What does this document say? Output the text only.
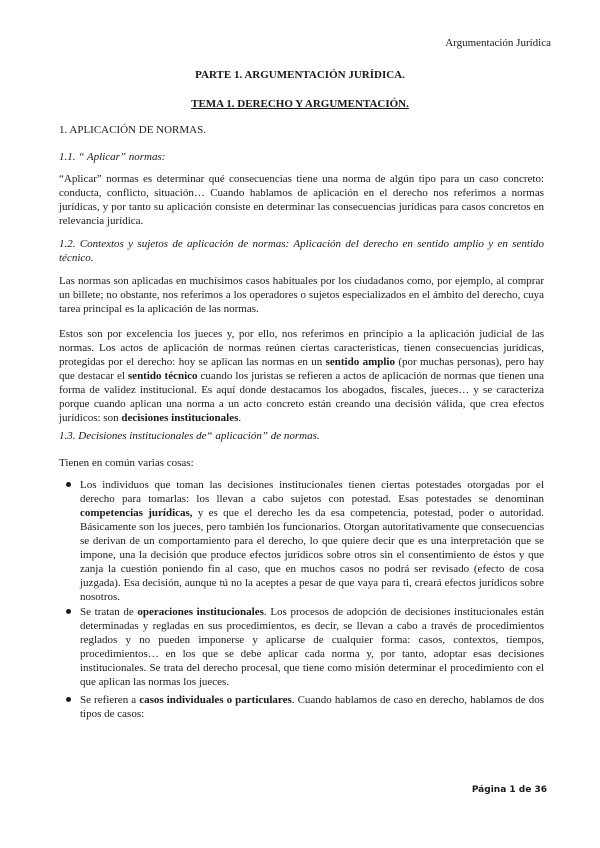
Argumentación Jurídica
PARTE 1. ARGUMENTACIÓN JURÍDICA.
TEMA 1. DERECHO Y ARGUMENTACIÓN.

1. APLICACIÓN DE NORMAS.

1.1. “ Aplicar” normas:

“Aplicar” normas es determinar qué consecuencias tiene una norma de algún tipo para un caso concreto: conducta, conflicto, situación… Cuando hablamos de aplicación en el derecho nos referimos a normas jurídicas, y por tanto su aplicación consiste en determinar las consecuencias jurídicas para casos concretos en relevancia jurídica.

1.2. Contextos y sujetos de aplicación de normas: Aplicación del derecho en sentido amplio y en sentido técnico.

Las normas son aplicadas en muchísimos casos habituales por los ciudadanos como, por ejemplo, al comprar un billete; no obstante, nos referimos a los operadores o sujetos especializados en el ámbito del derecho, cuya tarea principal es la aplicación de las normas.

Estos son por excelencia los jueces y, por ello, nos referimos en principio a la aplicación judicial de las normas. Los actos de aplicación de normas reúnen ciertas características, tienen consecuencias jurídicas, protegidas por el derecho: hoy se aplican las normas en un sentido amplio (por muchas personas), pero hay que destacar el sentido técnico cuando los juristas se refieren a actos de aplicación de normas que tienen una forma de validez institucional. Es aquí donde destacamos los abogados, fiscales, jueces… y se caracteriza porque cuando aplican una norma a un acto concreto están creando una decisión válida, que crea efectos jurídicos: son decisiones institucionales.

1.3. Decisiones institucionales de“ aplicación” de normas.

Tienen en común varias cosas:

Los individuos que toman las decisiones institucionales tienen ciertas potestades otorgadas por el derecho para tomarlas: los llevan a cabo sujetos con potestad. Esas potestades se denominan competencias jurídicas, y es que el derecho les da esa competencia, potestad, poder o autoridad. Básicamente son los jueces, pero también los funcionarios. Otorgan autoritativamente que consecuencias se derivan de un comportamiento para el derecho, lo que quiere decir que es una interpretación que se impone, una la decisión que produce efectos jurídicos sobre otros sin el consentimiento de éstos y que zanja la cuestión poniendo fin al caso, que en muchos casos no podrá ser revisado (efecto de cosa juzgada). Esa decisión, aunque tú no la aceptes a pesar de que vaya para ti, creará efectos jurídicos sobre nosotros.
Se tratan de operaciones institucionales. Los procesos de adopción de decisiones institucionales están determinadas y regladas en sus procedimientos, es decir, se llevan a cabo a través de procedimientos reglados y no pueden imponerse y aplicarse de cualquier forma: casos, contextos, tiempos, procedimientos… en los que se debe aplicar cada norma y, por tanto, adoptar esas decisiones institucionales. Se trata del derecho procesal, que tiene como misión determinar el procedimiento con el que aplican las normas los jueces.
Se refieren a casos individuales o particulares. Cuando hablamos de caso en derecho, hablamos de dos tipos de casos:
Página 1 de 36
